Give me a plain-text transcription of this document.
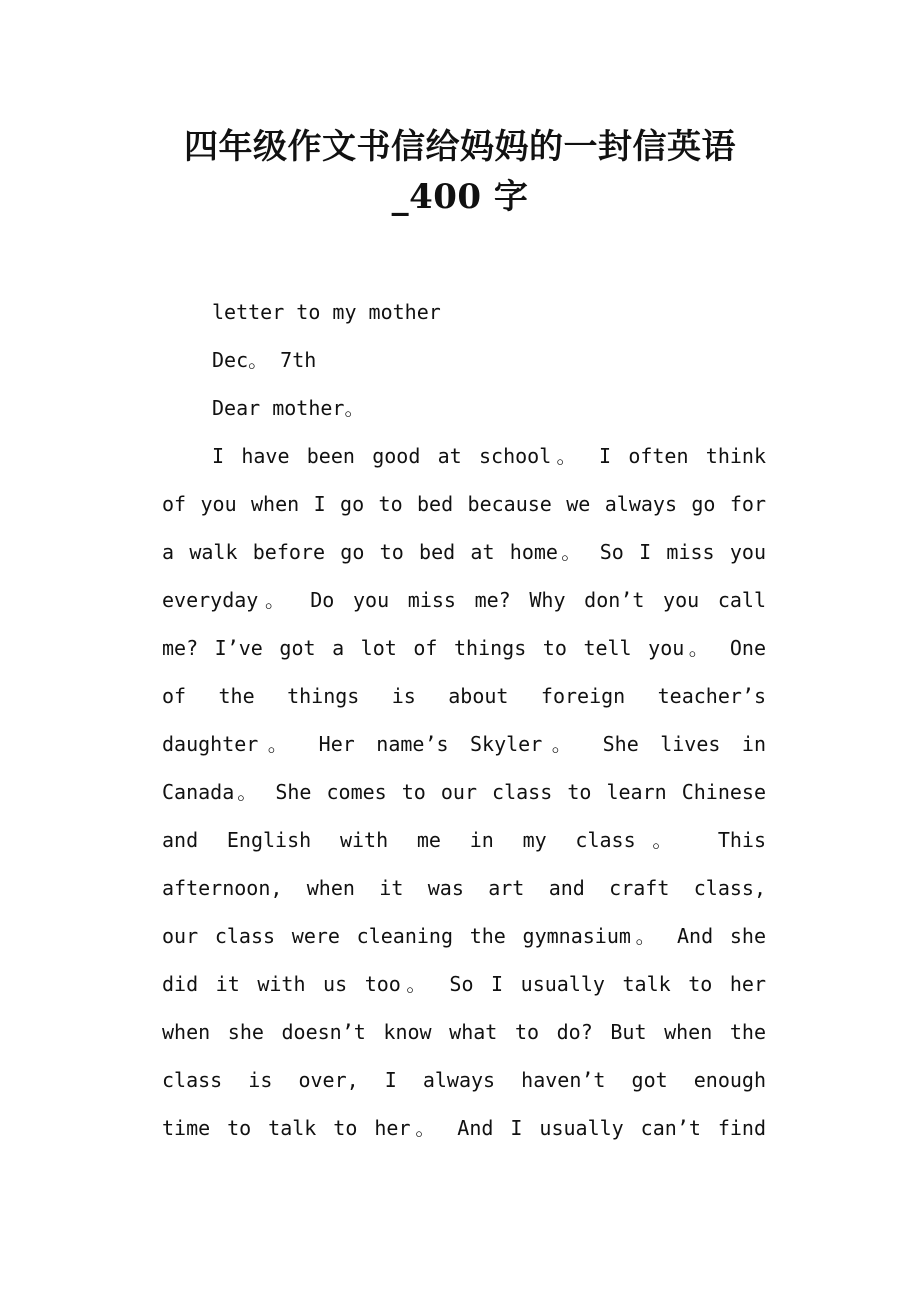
四年级作文书信给妈妈的一封信英语
_400 字
letter to my mother
Dec。 7th
Dear mother。
I have been good at school。 I often think
of you when I go to bed because we always go for
a walk before go to bed at home。 So I miss you
everyday。 Do you miss me? Why don’t you call
me? I’ve got a lot of things to tell you。 One
of the things is about foreign teacher’s
daughter。 Her name’s Skyler。 She lives in
Canada。 She comes to our class to learn Chinese
and English with me in my class。 This
afternoon, when it was art and craft class,
our class were cleaning the gymnasium。 And she
did it with us too。 So I usually talk to her
when she doesn’t know what to do? But when the
class is over, I always haven’t got enough
time to talk to her。 And I usually can’t find
